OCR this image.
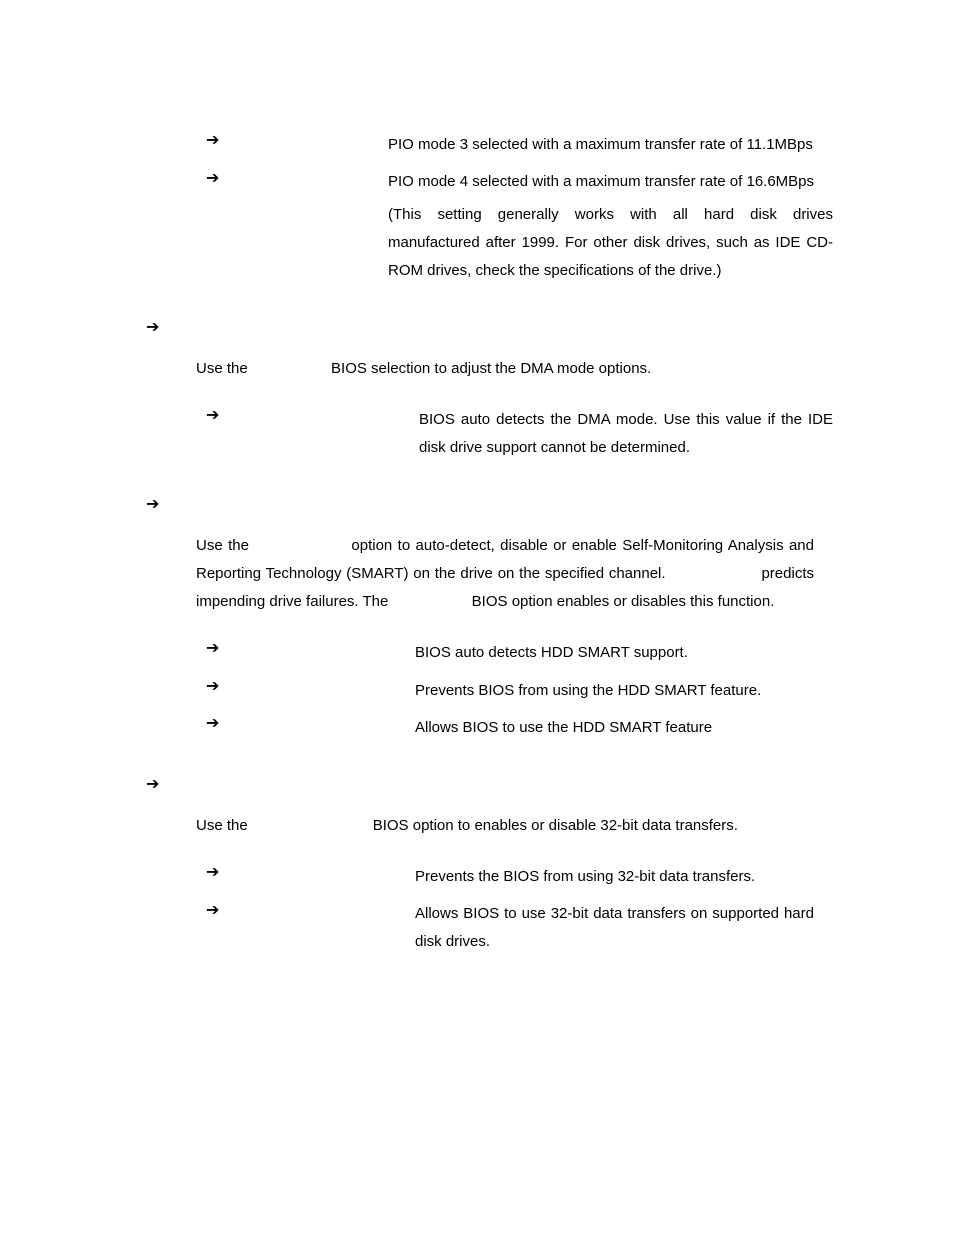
➔	PIO mode 3 selected with a maximum transfer rate of 11.1MBps
➔	PIO mode 4 selected with a maximum transfer rate of 16.6MBps
(This setting generally works with all hard disk drives manufactured after 1999. For other disk drives, such as IDE CD-ROM drives, check the specifications of the drive.)
➔
Use the                    BIOS selection to adjust the DMA mode options.
➔	BIOS auto detects the DMA mode. Use this value if the IDE disk drive support cannot be determined.
➔
Use the                   option to auto-detect, disable or enable Self-Monitoring Analysis and Reporting Technology (SMART) on the drive on the specified channel.                    predicts impending drive failures. The                    BIOS option enables or disables this function.
➔	BIOS auto detects HDD SMART support.
➔	Prevents BIOS from using the HDD SMART feature.
➔	Allows BIOS to use the HDD SMART feature
➔
Use the                              BIOS option to enables or disable 32-bit data transfers.
➔	Prevents the BIOS from using 32-bit data transfers.
➔	Allows BIOS to use 32-bit data transfers on supported hard disk drives.
